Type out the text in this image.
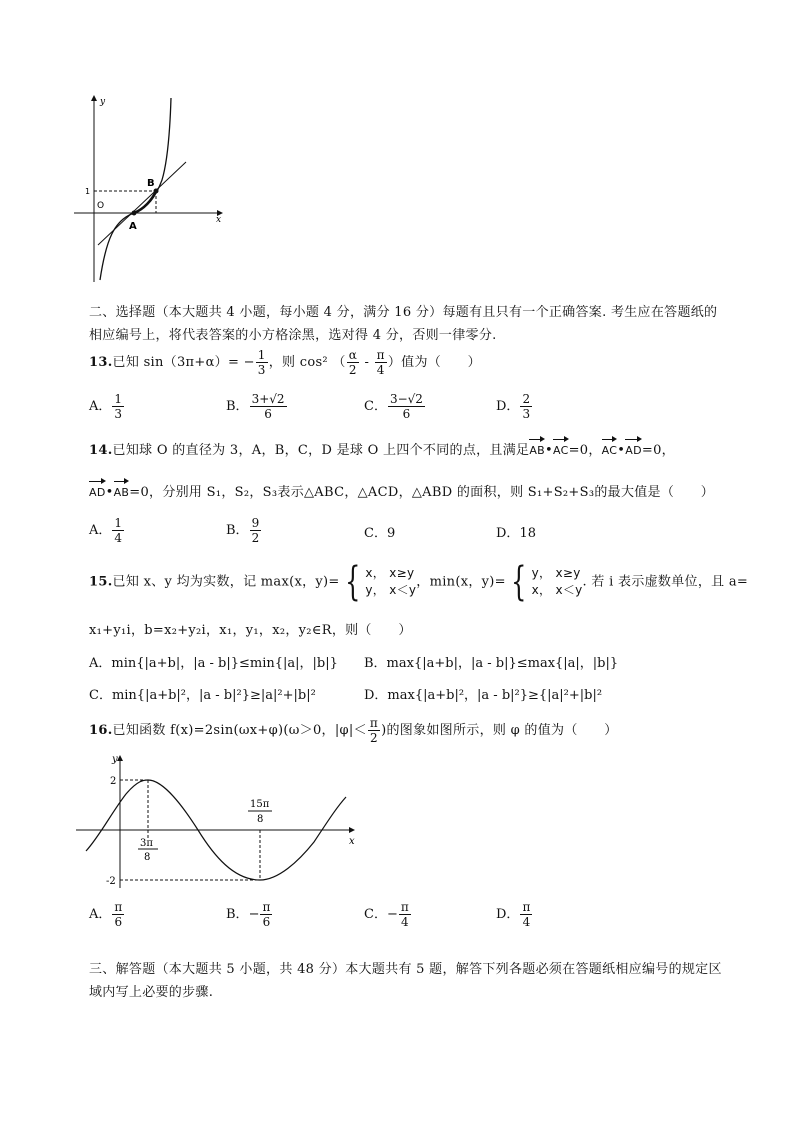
y
x
O
1
A
B
二、选择题（本大题共 4 小题，每小题 4 分，满分 16 分）每题有且只有一个正确答案. 考生应在答题纸的
相应编号上，将代表答案的小方格涂黑，选对得 4 分，否则一律零分.
13.已知 $\sin(3\pi+\alpha)= - \frac{1}{3}$ ，则 cos² （ $\frac{\alpha}{2} - \frac{\pi}{4}$ ）值为（　　）
A． $\frac{1}{3}$	B． $\frac{3+√2}{6}$	C． $\frac{3-√2}{6}$	D． $\frac{2}{3}$
14.已知球 O 的直径为 3，A，B，C，D 是球 O 上四个不同的点，且满足AB•AC=0，AC•AD=0，
AD•AB=0，分别用 S₁，S₂，S₃表示△ABC，△ACD，△ABD 的面积，则 S₁+S₂+S₃的最大值是（　　）
A． $\frac{1}{4}$	B． $\frac{9}{2}$	C．9	D．18
15.已知 x、y 均为实数，记 max(x，y)= { x， x≥y
y， x＜y
，min(x，y)= { y， x≥y
x， x＜y
. 若 i 表示虚数单位，且 a=
x₁+y₁i，b=x₂+y₂i，x₁，y₁，x₂，y₂∈R，则（　　）
A．min{|a+b|，|a - b|}≤min{|a|，|b|} B．max{|a+b|，|a - b|}≤max{|a|，|b|}
C．min{|a+b|²，|a - b|²}≥|a|²+|b|²	D．max{|a+b|²，|a - b|²}≥{|a|²+|b|²
16.已知函数 f(x)=2sin(ωx+φ)(ω＞0，$|\varphi|< \frac{\pi}{2}$ )的图象如图所示，则 φ 的值为（　　）
y
x
2
-2
3π
8
15π
8
A． $\frac{\pi}{6}$	B．− $\frac{\pi}{6}$	C．− $\frac{\pi}{4}$	D． $\frac{\pi}{4}$
三、解答题（本大题共 5 小题，共 48 分）本大题共有 5 题，解答下列各题必须在答题纸相应编号的规定区
域内写上必要的步骤.
